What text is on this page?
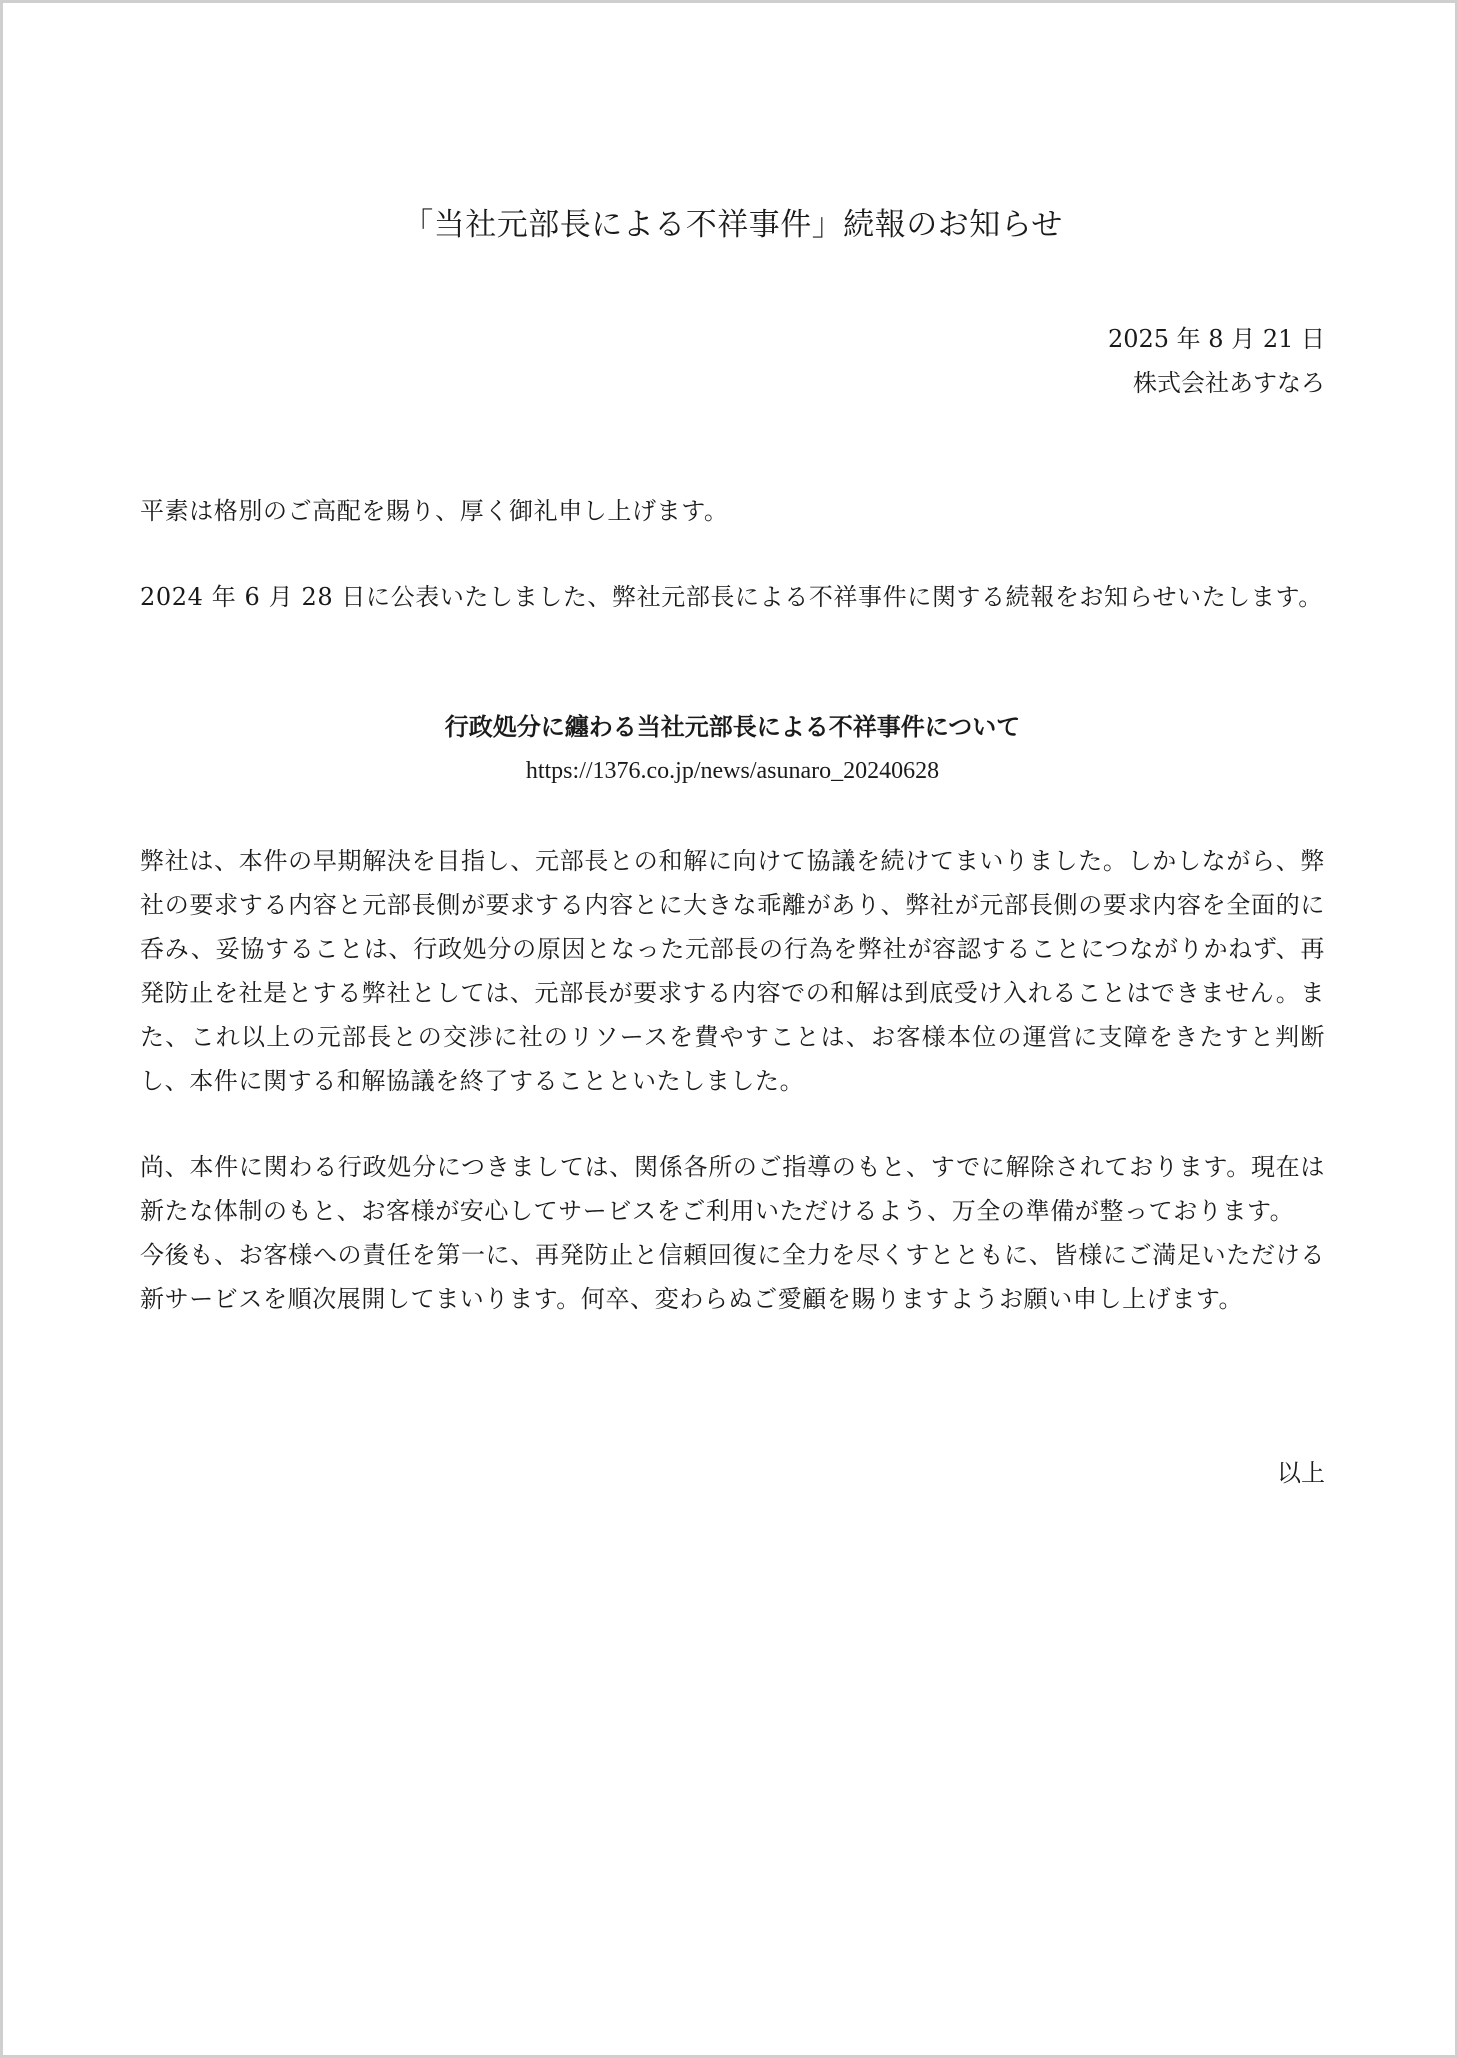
「当社元部長による不祥事件」続報のお知らせ
2025 年 8 月 21 日
株式会社あすなろ
平素は格別のご高配を賜り、厚く御礼申し上げます。
2024 年 6 月 28 日に公表いたしました、弊社元部長による不祥事件に関する続報をお知らせいたします。
行政処分に纏わる当社元部長による不祥事件について
https://1376.co.jp/news/asunaro_20240628
弊社は、本件の早期解決を目指し、元部長との和解に向けて協議を続けてまいりました。しかしながら、弊社の要求する内容と元部長側が要求する内容とに大きな乖離があり、弊社が元部長側の要求内容を全面的に呑み、妥協することは、行政処分の原因となった元部長の行為を弊社が容認することにつながりかねず、再発防止を社是とする弊社としては、元部長が要求する内容での和解は到底受け入れることはできません。また、これ以上の元部長との交渉に社のリソースを費やすことは、お客様本位の運営に支障をきたすと判断し、本件に関する和解協議を終了することといたしました。
尚、本件に関わる行政処分につきましては、関係各所のご指導のもと、すでに解除されております。現在は新たな体制のもと、お客様が安心してサービスをご利用いただけるよう、万全の準備が整っております。
今後も、お客様への責任を第一に、再発防止と信頼回復に全力を尽くすとともに、皆様にご満足いただける新サービスを順次展開してまいります。何卒、変わらぬご愛顧を賜りますようお願い申し上げます。
以上
